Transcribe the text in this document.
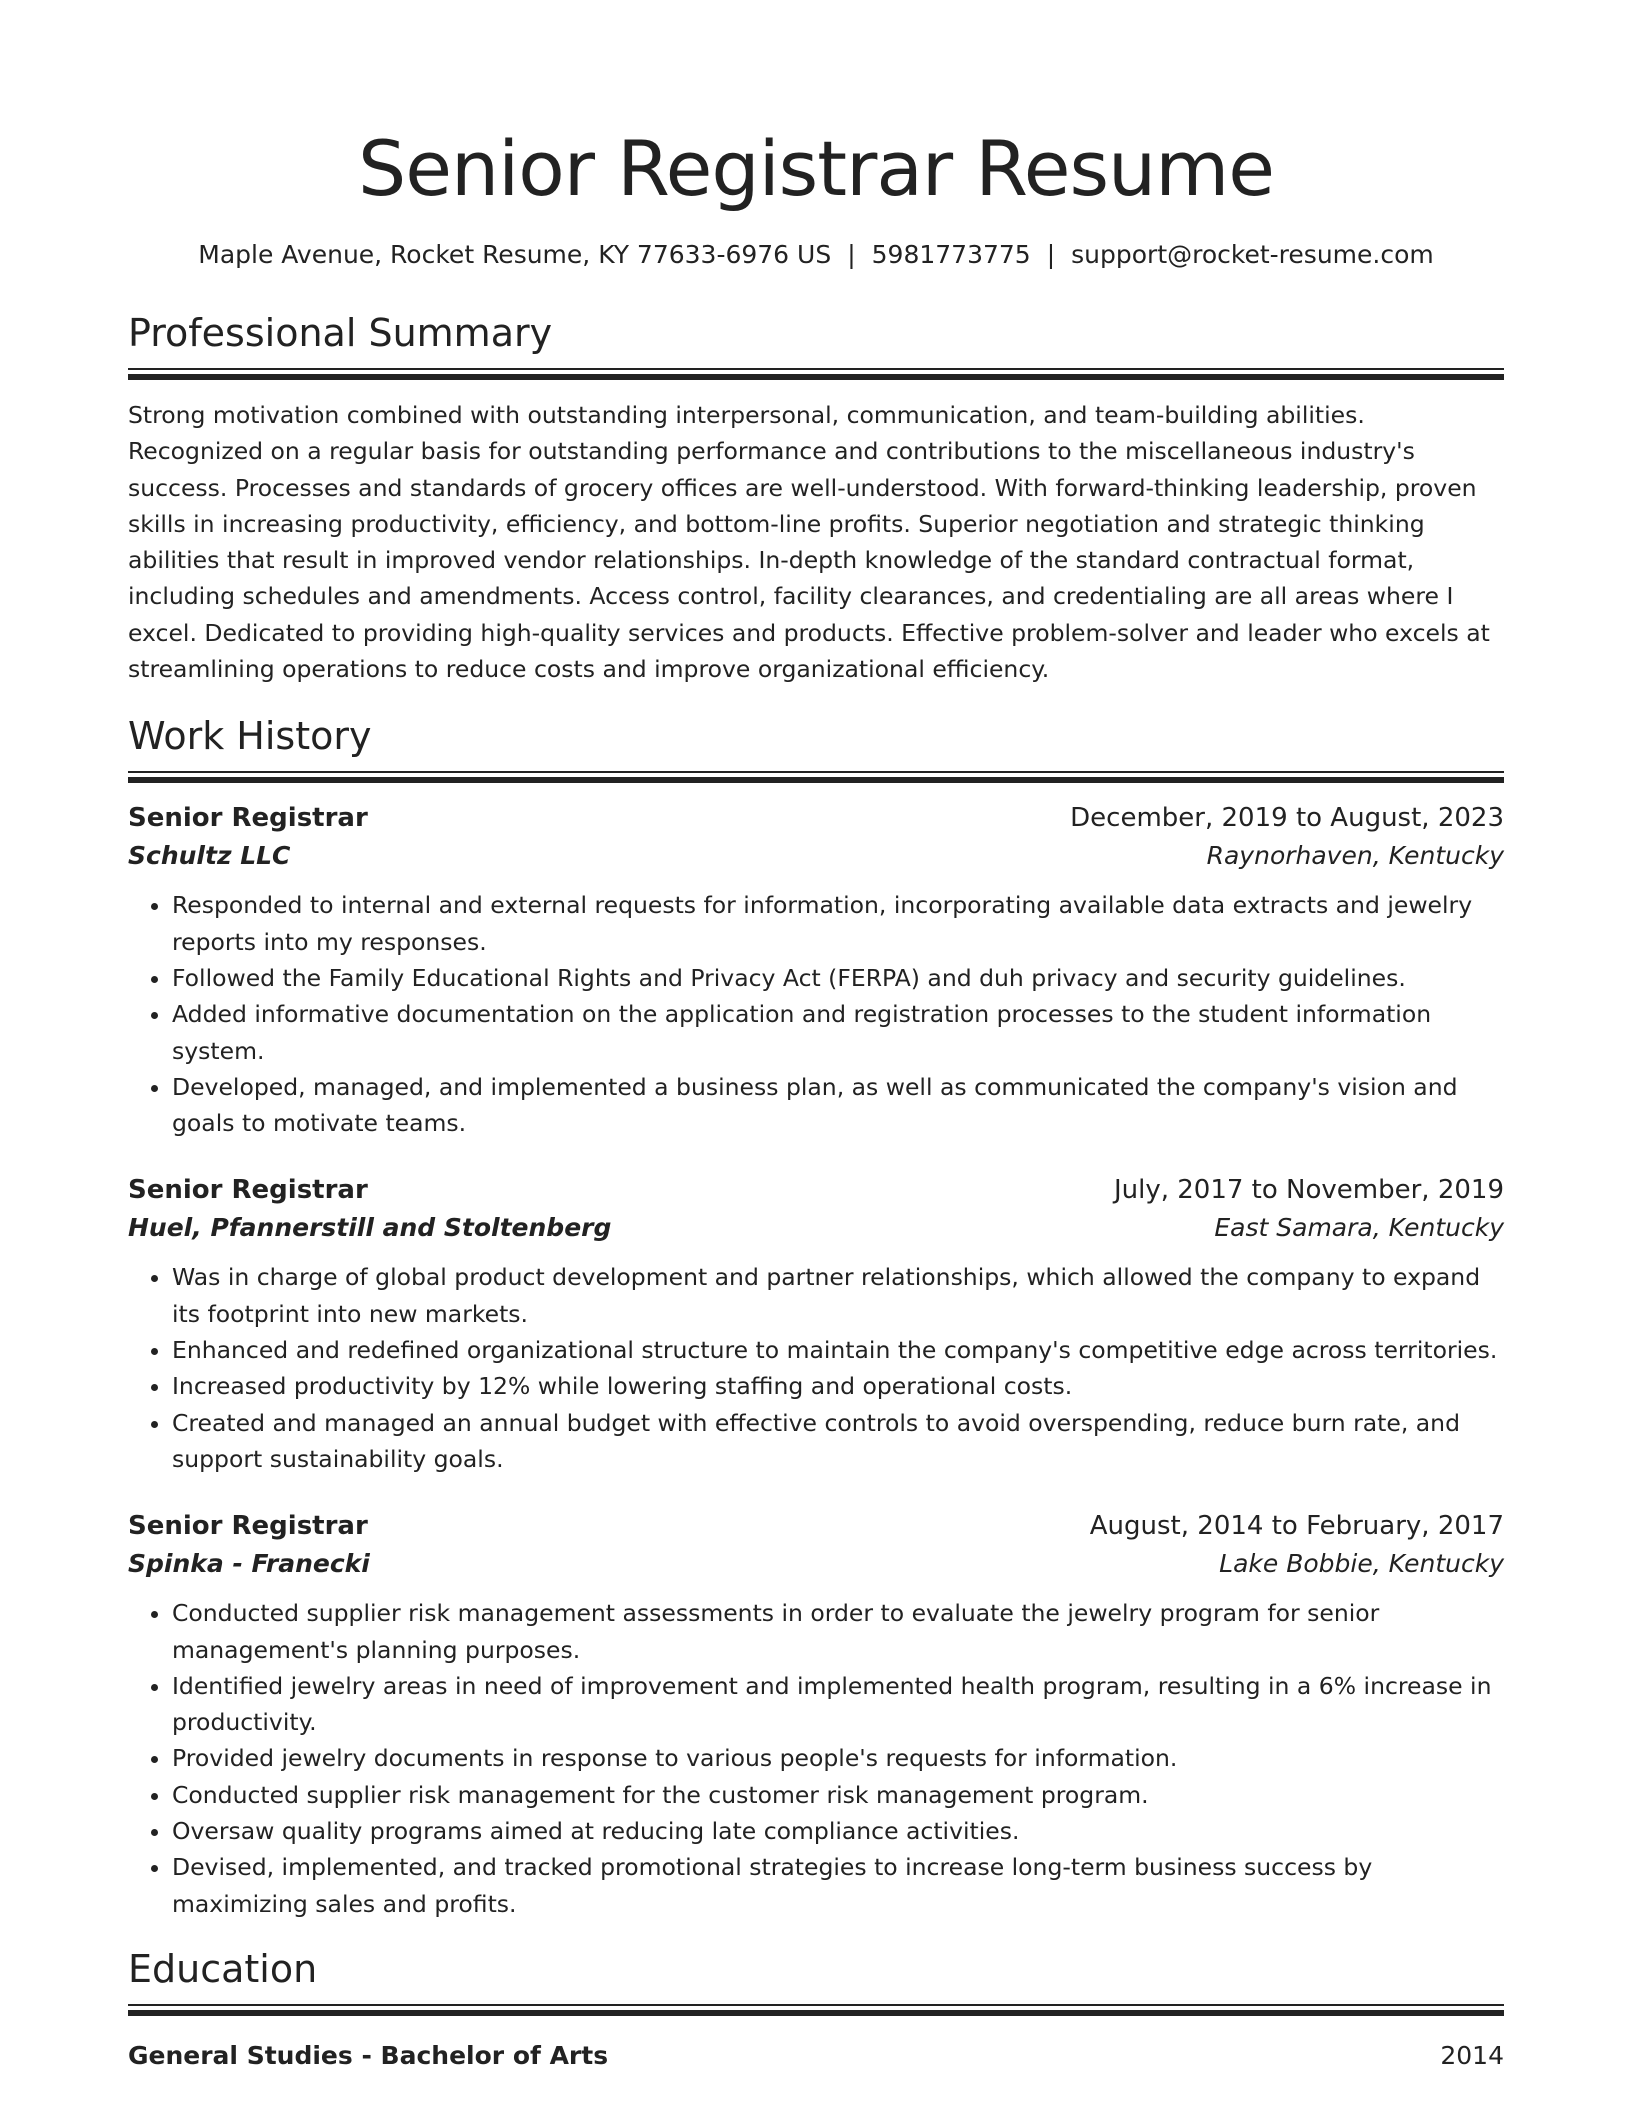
Senior Registrar Resume
Maple Avenue, Rocket Resume, KY 77633-6976 US | 5981773775 | support@rocket-resume.com
Professional Summary

Strong motivation combined with outstanding interpersonal, communication, and team-building abilities. Recognized on a regular basis for outstanding performance and contributions to the miscellaneous industry's success. Processes and standards of grocery offices are well-understood. With forward-thinking leadership, proven skills in increasing productivity, efficiency, and bottom-line profits. Superior negotiation and strategic thinking abilities that result in improved vendor relationships. In-depth knowledge of the standard contractual format, including schedules and amendments. Access control, facility clearances, and credentialing are all areas where I excel. Dedicated to providing high-quality services and products. Effective problem-solver and leader who excels at streamlining operations to reduce costs and improve organizational efficiency.

Work History
Senior Registrar	December, 2019 to August, 2023
Schultz LLC	Raynorhaven, Kentucky
• Responded to internal and external requests for information, incorporating available data extracts and jewelry reports into my responses.
• Followed the Family Educational Rights and Privacy Act (FERPA) and duh privacy and security guidelines.
• Added informative documentation on the application and registration processes to the student information system.
• Developed, managed, and implemented a business plan, as well as communicated the company's vision and goals to motivate teams.
Senior Registrar	July, 2017 to November, 2019
Huel, Pfannerstill and Stoltenberg	East Samara, Kentucky
• Was in charge of global product development and partner relationships, which allowed the company to expand its footprint into new markets.
• Enhanced and redefined organizational structure to maintain the company's competitive edge across territories.
• Increased productivity by 12% while lowering staffing and operational costs.
• Created and managed an annual budget with effective controls to avoid overspending, reduce burn rate, and support sustainability goals.
Senior Registrar	August, 2014 to February, 2017
Spinka - Franecki	Lake Bobbie, Kentucky
• Conducted supplier risk management assessments in order to evaluate the jewelry program for senior management's planning purposes.
• Identified jewelry areas in need of improvement and implemented health program, resulting in a 6% increase in productivity.
• Provided jewelry documents in response to various people's requests for information.
• Conducted supplier risk management for the customer risk management program.
• Oversaw quality programs aimed at reducing late compliance activities.
• Devised, implemented, and tracked promotional strategies to increase long-term business success by maximizing sales and profits.
Education
General Studies - Bachelor of Arts	2014
